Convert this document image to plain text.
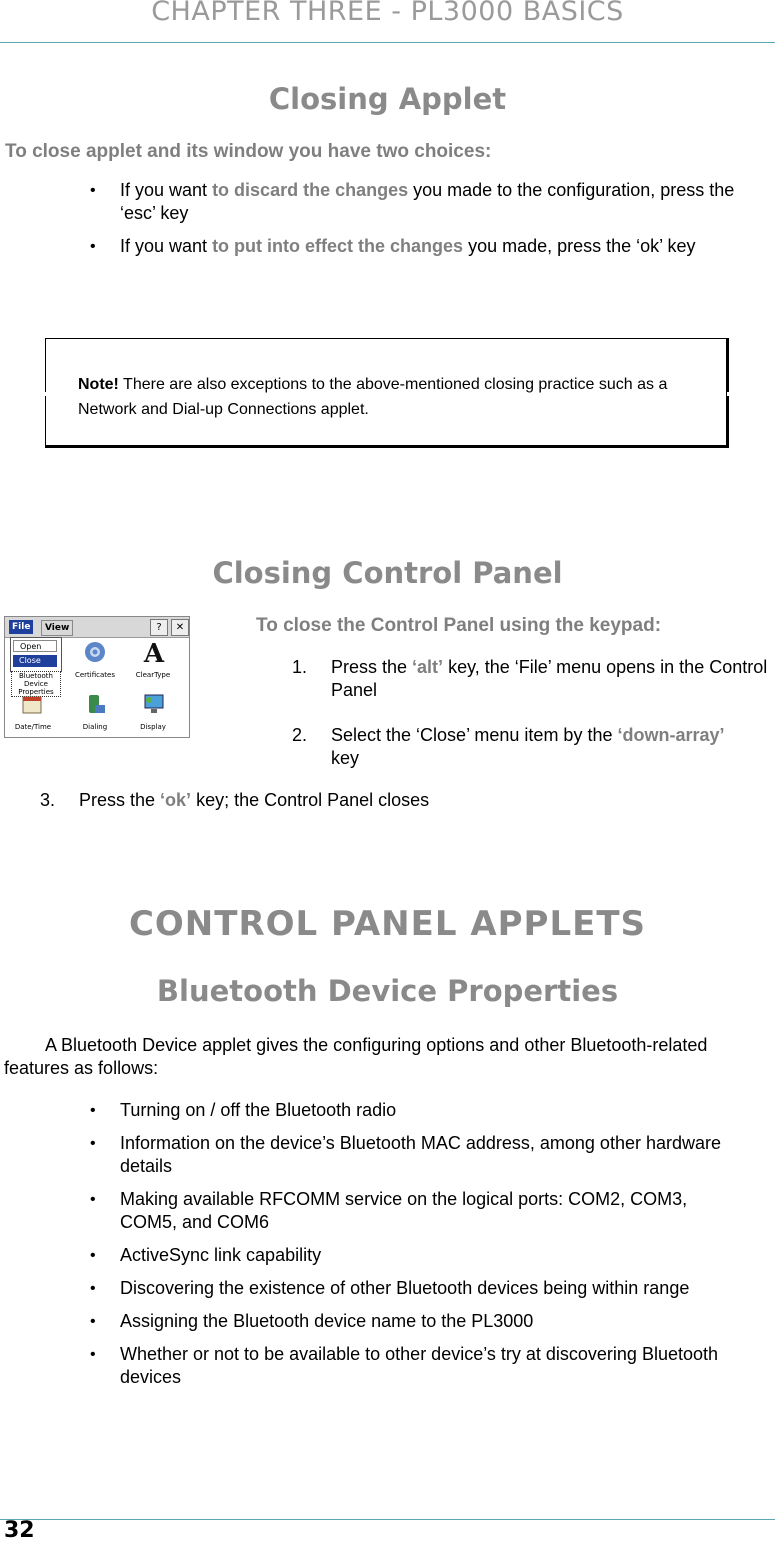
CHAPTER THREE - PL3000 BASICS
Closing Applet
To close applet and its window you have two choices:
• If you want to discard the changes you made to the configuration, press the ‘esc’ key
• If you want to put into effect the changes you made, press the ‘ok’ key
Note! There are also exceptions to the above-mentioned closing practice such as a Network and Dial-up Connections applet.
Closing Control Panel
File	View	?	✕
Open
Close
Bluetooth Device Properties
Certificates
A
ClearType
Date/Time	Dialing	Display
To close the Control Panel using the keypad:
1. Press the ‘alt’ key, the ‘File’ menu opens in the Control Panel
2. Select the ‘Close’ menu item by the ‘down-array’ key
3. Press the ‘ok’ key; the Control Panel closes
CONTROL PANEL APPLETS
Bluetooth Device Properties
A Bluetooth Device applet gives the configuring options and other Bluetooth-related features as follows:
• Turning on / off the Bluetooth radio
• Information on the device’s Bluetooth MAC address, among other hardware details
• Making available RFCOMM service on the logical ports: COM2, COM3, COM5, and COM6
• ActiveSync link capability
• Discovering the existence of other Bluetooth devices being within range
• Assigning the Bluetooth device name to the PL3000
• Whether or not to be available to other device’s try at discovering Bluetooth devices
32
